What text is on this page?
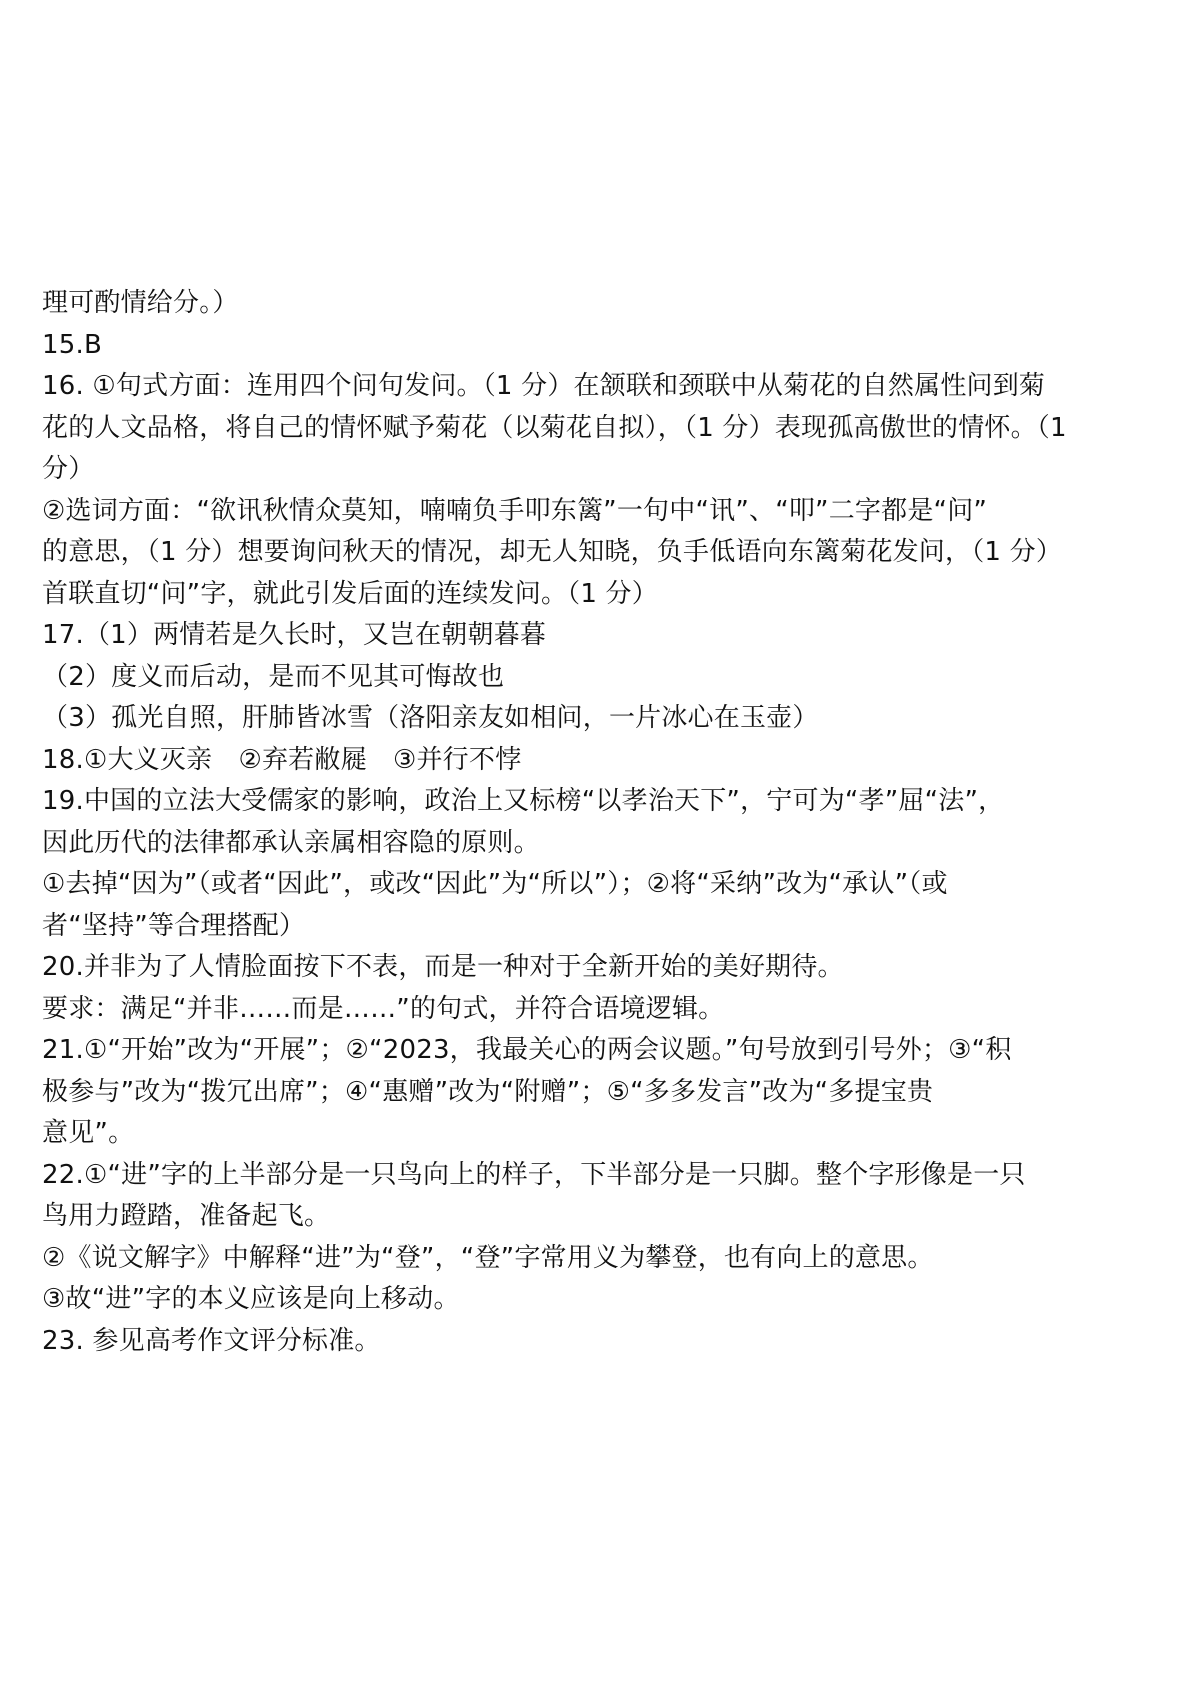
理可酌情给分。）
15.B
16. ①句式方面：连用四个问句发问。（1 分）在颔联和颈联中从菊花的自然属性问到菊
花的人文品格，将自己的情怀赋予菊花（以菊花自拟），（1 分）表现孤高傲世的情怀。（1
分）
②选词方面：“欲讯秋情众莫知，喃喃负手叩东篱”一句中“讯”、“叩”二字都是“问”
的意思，（1 分）想要询问秋天的情况，却无人知晓，负手低语向东篱菊花发问，（1 分）
首联直切“问”字，就此引发后面的连续发问。（1 分）
17.（1）两情若是久长时，又岂在朝朝暮暮
（2）度义而后动，是而不见其可悔故也
（3）孤光自照，肝肺皆冰雪（洛阳亲友如相问，一片冰心在玉壶）
18.①大义灭亲　②弃若敝屣　③并行不悖
19.中国的立法大受儒家的影响，政治上又标榜“以孝治天下”，宁可为“孝”屈“法”，
因此历代的法律都承认亲属相容隐的原则。
①去掉“因为”（或者“因此”，或改“因此”为“所以”）；②将“采纳”改为“承认”（或
者“坚持”等合理搭配）
20.并非为了人情脸面按下不表，而是一种对于全新开始的美好期待。
要求：满足“并非……而是……”的句式，并符合语境逻辑。
21.①“开始”改为“开展”；②“2023，我最关心的两会议题。”句号放到引号外；③“积
极参与”改为“拨冗出席”；④“惠赠”改为“附赠”；⑤“多多发言”改为“多提宝贵
意见”。
22.①“进”字的上半部分是一只鸟向上的样子，下半部分是一只脚。整个字形像是一只
鸟用力蹬踏，准备起飞。
②《说文解字》中解释“进”为“登”，“登”字常用义为攀登，也有向上的意思。
③故“进”字的本义应该是向上移动。
23. 参见高考作文评分标准。
